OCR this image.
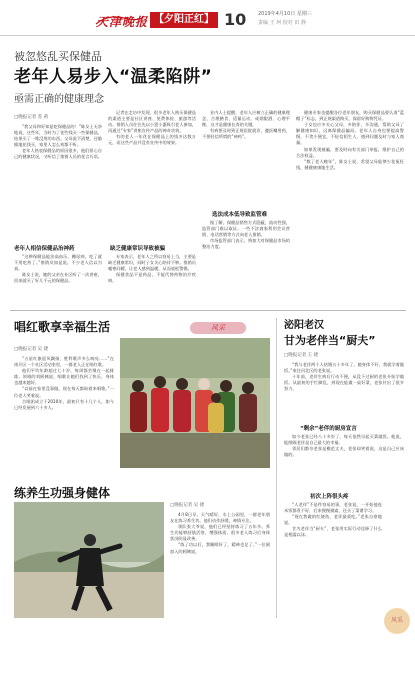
天津晚报 【夕阳正红】 10 2019年4月10日 星期三
责编 王 珂 校对 田 静
被忽悠乱买保健品
老年人易步入“温柔陷阱”
亟需正确的健康理念
□晚报记者 苏 莉

“我父母和好知是吃保健品的！”陈女士无奈地说，这些年，当时为了花些钱买一些保健品，结果买了一堆没用的东西。父母说不清楚，还偷偷地花钱买，家里人怎么劝都不听。

老年人热衷保健品的原因很多，他们担心自己的健康状况，又听信了推销人员的花言巧语。

老年人相信保健品治神药

“这种保健品能治高血压、糖尿病，吃了就不用吃药了。”推销员如是说。不少老人信以为真。

陈女士说，她的父亲在社区听了一次讲座，回来就买了好几千元的保健品。

记者在走访中发现，很多老年人购买保健品的渠道主要是社区讲座、免费体检、旅游等活动。推销人员往往先以小恩小惠吸引老人参加，再通过“专家”讲座宣传产品的神奇功效。

有的老人一年花在保健品上的钱多达数万元，而这些产品并没有宣传中的效果。

缺乏健康常识导致被骗

专家表示，老年人之所以容易上当，主要是缺乏健康常识，同时子女关心陪伴不够。推销员嘘寒问暖，让老人感到温暖，从而放松警惕。

保健食品不是药品，不能代替药物治疗疾病。

业内人士提醒，老年人应树立正确的健康理念，合理膳食、适量运动、戒烟限酒、心理平衡，这才是健康长寿的关键。

有病要及时到正规医院就诊，遵医嘱用药，不要轻信所谓的“神药”。

选法成本低导致监管难

据了解，保健品销售方式隐蔽，流动性强，监管部门难以取证。一些不法商家利用会议营销、电话营销等方式向老人推销。

市场监管部门表示，将加大对保健品市场的整治力度。

健康专家也提醒各位老年朋友，购买保健品要认准“蓝帽子”标志，到正规渠道购买，保留好购物凭证。

子女也应多关心父母，多陪伴、多沟通，帮助父母了解健康知识，远离保健品骗局。老年人自身也要提高警惕，不贪小便宜，不轻信陌生人，遇到问题及时与家人商量。

如果发现被骗，要及时向有关部门举报，维护自己的合法权益。

“数了老人晚年”，陈女士说，希望父母能够少花冤枉钱，健健康康地生活。

唱红歌享幸福生活	风采
□晚报记者 吴 捷

“五星红旗迎风飘扬，胜利歌声多么响亮……”在南开区一个社区活动室里，一群老人正在唱红歌。

他们平均年龄超过七十岁，每周都会聚在一起排练。领唱的刘阿姨说，唱歌让她们找到了快乐，身体也越来越好。

“以前在家里没事做，现在每天都盼着来唱歌。”一位老人笑着说。

合唱团成立于2010年，最初只有十几个人，如今已经发展到六十多人。

练养生功强身健体
□晚报记者 吴 捷

4月8日早，天气晴好，水上公园里，一群老年朋友在练习养生功。他们动作舒缓，神情专注。

领队张大爷说，他们已经坚持练习了五年多。养生功能够舒筋活络、增强体质，很多老人练习后身体状况明显改善。

“练了功以后，我睡眠好了，精神也足了。”一位刚加入的阿姨说。

泌阳老汉
甘为老伴当“厨夫”
□晚报记者 王 捷

“我与老伴两个人结婚五十多年了，她身体不好，我就学着做饭。”家住河北区的老张说。

十年前，老伴生病后行动不便，从没下过厨的老张开始学做饭。从最初的手忙脚乱，到现在能做一桌好菜，老张付出了很多努力。

“剩余”老伴的厨房宣言

如今老张已经八十多岁了，每天依然早起买菜做饭。他说，能照顾老伴是自己最大的幸福。

邻居们都夸老张是模范丈夫，老张却笑着说，这是自己应该做的。

初次上阵很头疼

“人老伴”不是件容易的事，老张说，一开始他连米饭都煮不好，后来慢慢摸索，还买了菜谱学习。

“现在我做的红烧鱼，老伴最爱吃。”老张自豪地说。

甘为老伴当“厨夫”，老张用实际行动诠释了什么是相濡以沫。

风采
